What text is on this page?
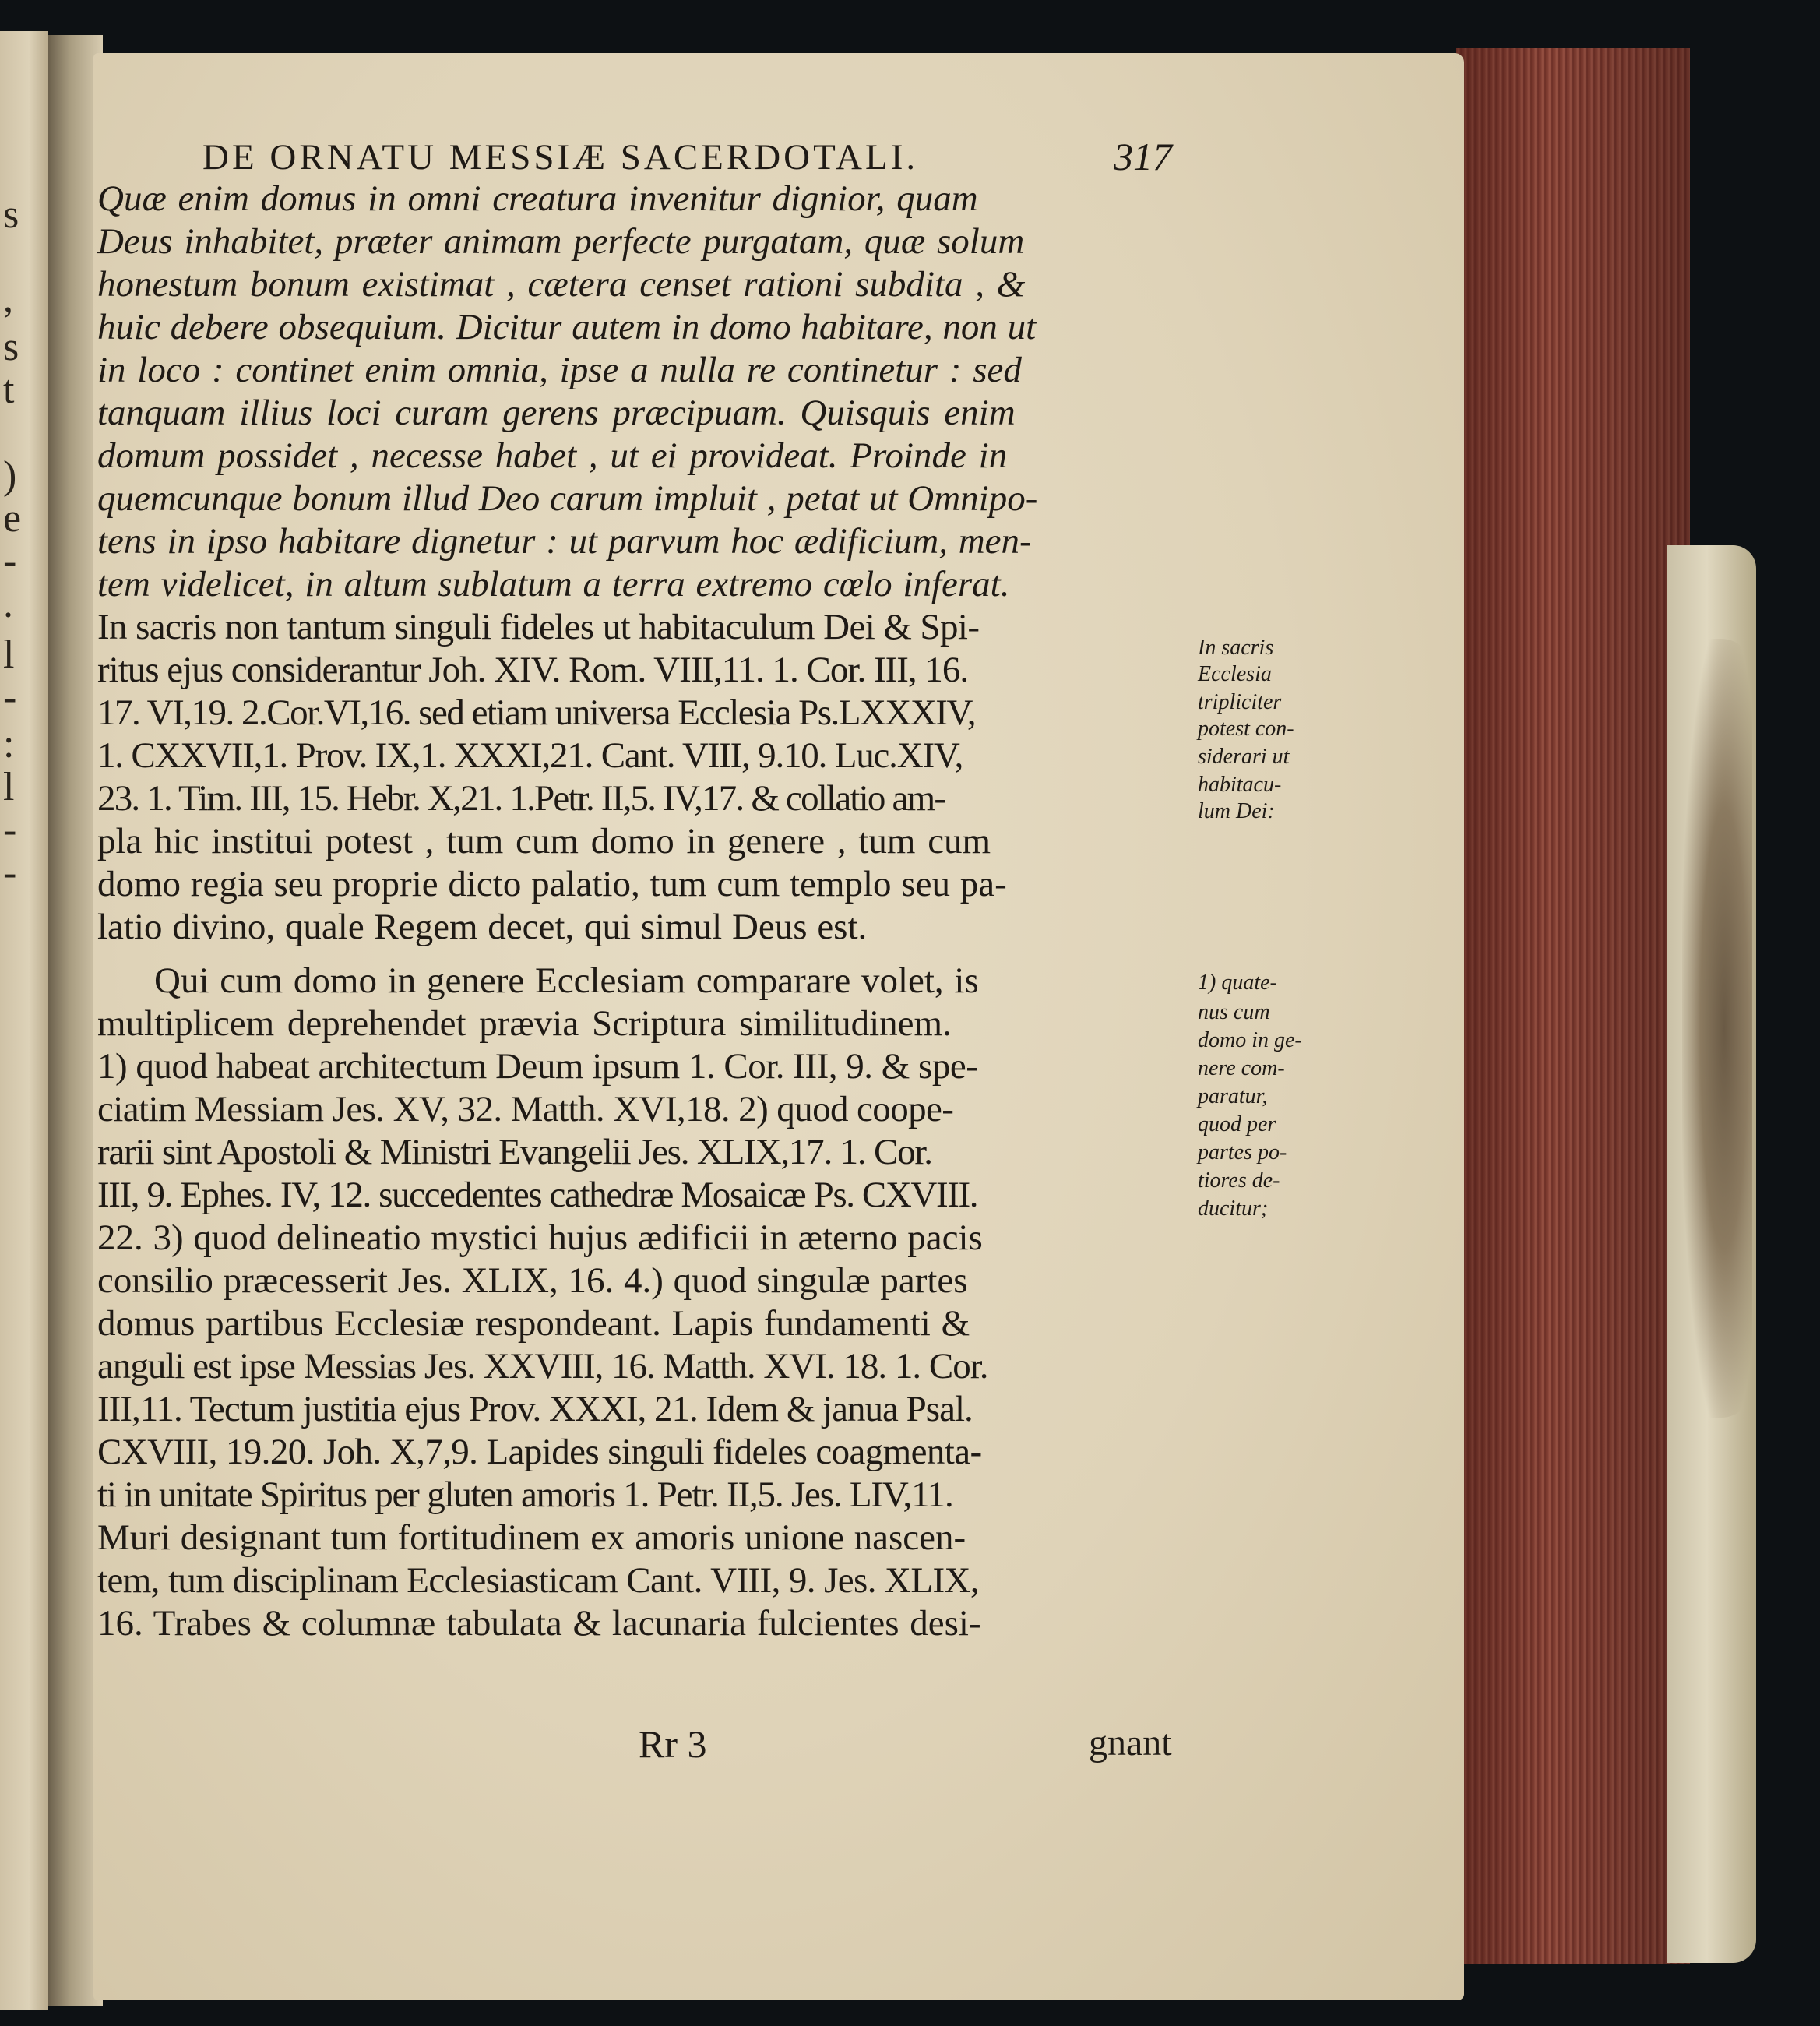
s
,
s
t
)
e
-
.
l
-
:
l
-
-
DE ORNATU MESSIÆ SACERDOTALI.	317
Quæ enim domus in omni creatura invenitur dignior, quam
Deus inhabitet, præter animam perfecte purgatam, quæ solum
honestum bonum existimat , cætera censet rationi subdita , &
huic debere obsequium. Dicitur autem in domo habitare, non ut
in loco : continet enim omnia, ipse a nulla re continetur : sed
tanquam illius loci curam gerens præcipuam. Quisquis enim
domum possidet , necesse habet , ut ei provideat. Proinde in
quemcunque bonum illud Deo carum impluit , petat ut Omnipo-
tens in ipso habitare dignetur : ut parvum hoc ædificium, men-
tem videlicet, in altum sublatum a terra extremo cœlo inferat.
In sacris non tantum singuli fideles ut habitaculum Dei & Spi-
ritus ejus considerantur Joh. XIV. Rom. VIII,11. 1. Cor. III, 16.
17. VI,19. 2.Cor.VI,16. sed etiam universa Ecclesia Ps.LXXXIV,
1. CXXVII,1. Prov. IX,1. XXXI,21. Cant. VIII, 9.10. Luc.XIV,
23. 1. Tim. III, 15. Hebr. X,21. 1.Petr. II,5. IV,17. & collatio am-
pla hic institui potest , tum cum domo in genere , tum cum
domo regia seu proprie dicto palatio, tum cum templo seu pa-
latio divino, quale Regem decet, qui simul Deus est.
Qui cum domo in genere Ecclesiam comparare volet, is
multiplicem deprehendet prævia Scriptura similitudinem.
1) quod habeat architectum Deum ipsum 1. Cor. III, 9. & spe-
ciatim Messiam Jes. XV, 32. Matth. XVI,18. 2) quod coope-
rarii sint Apostoli & Ministri Evangelii Jes. XLIX,17. 1. Cor.
III, 9. Ephes. IV, 12. succedentes cathedræ Mosaicæ Ps. CXVIII.
22. 3) quod delineatio mystici hujus ædificii in æterno pacis
consilio præcesserit Jes. XLIX, 16. 4.) quod singulæ partes
domus partibus Ecclesiæ respondeant. Lapis fundamenti &
anguli est ipse Messias Jes. XXVIII, 16. Matth. XVI. 18. 1. Cor.
III,11. Tectum justitia ejus Prov. XXXI, 21. Idem & janua Psal.
CXVIII, 19.20. Joh. X,7,9. Lapides singuli fideles coagmenta-
ti in unitate Spiritus per gluten amoris 1. Petr. II,5. Jes. LIV,11.
Muri designant tum fortitudinem ex amoris unione nascen-
tem, tum disciplinam Ecclesiasticam Cant. VIII, 9. Jes. XLIX,
16. Trabes & columnæ tabulata & lacunaria fulcientes desi-
In sacris
Ecclesia
tripliciter
potest con-
siderari ut
habitacu-
lum Dei:
1) quate-
nus cum
domo in ge-
nere com-
paratur,
quod per
partes po-
tiores de-
ducitur;
Rr 3	gnant
